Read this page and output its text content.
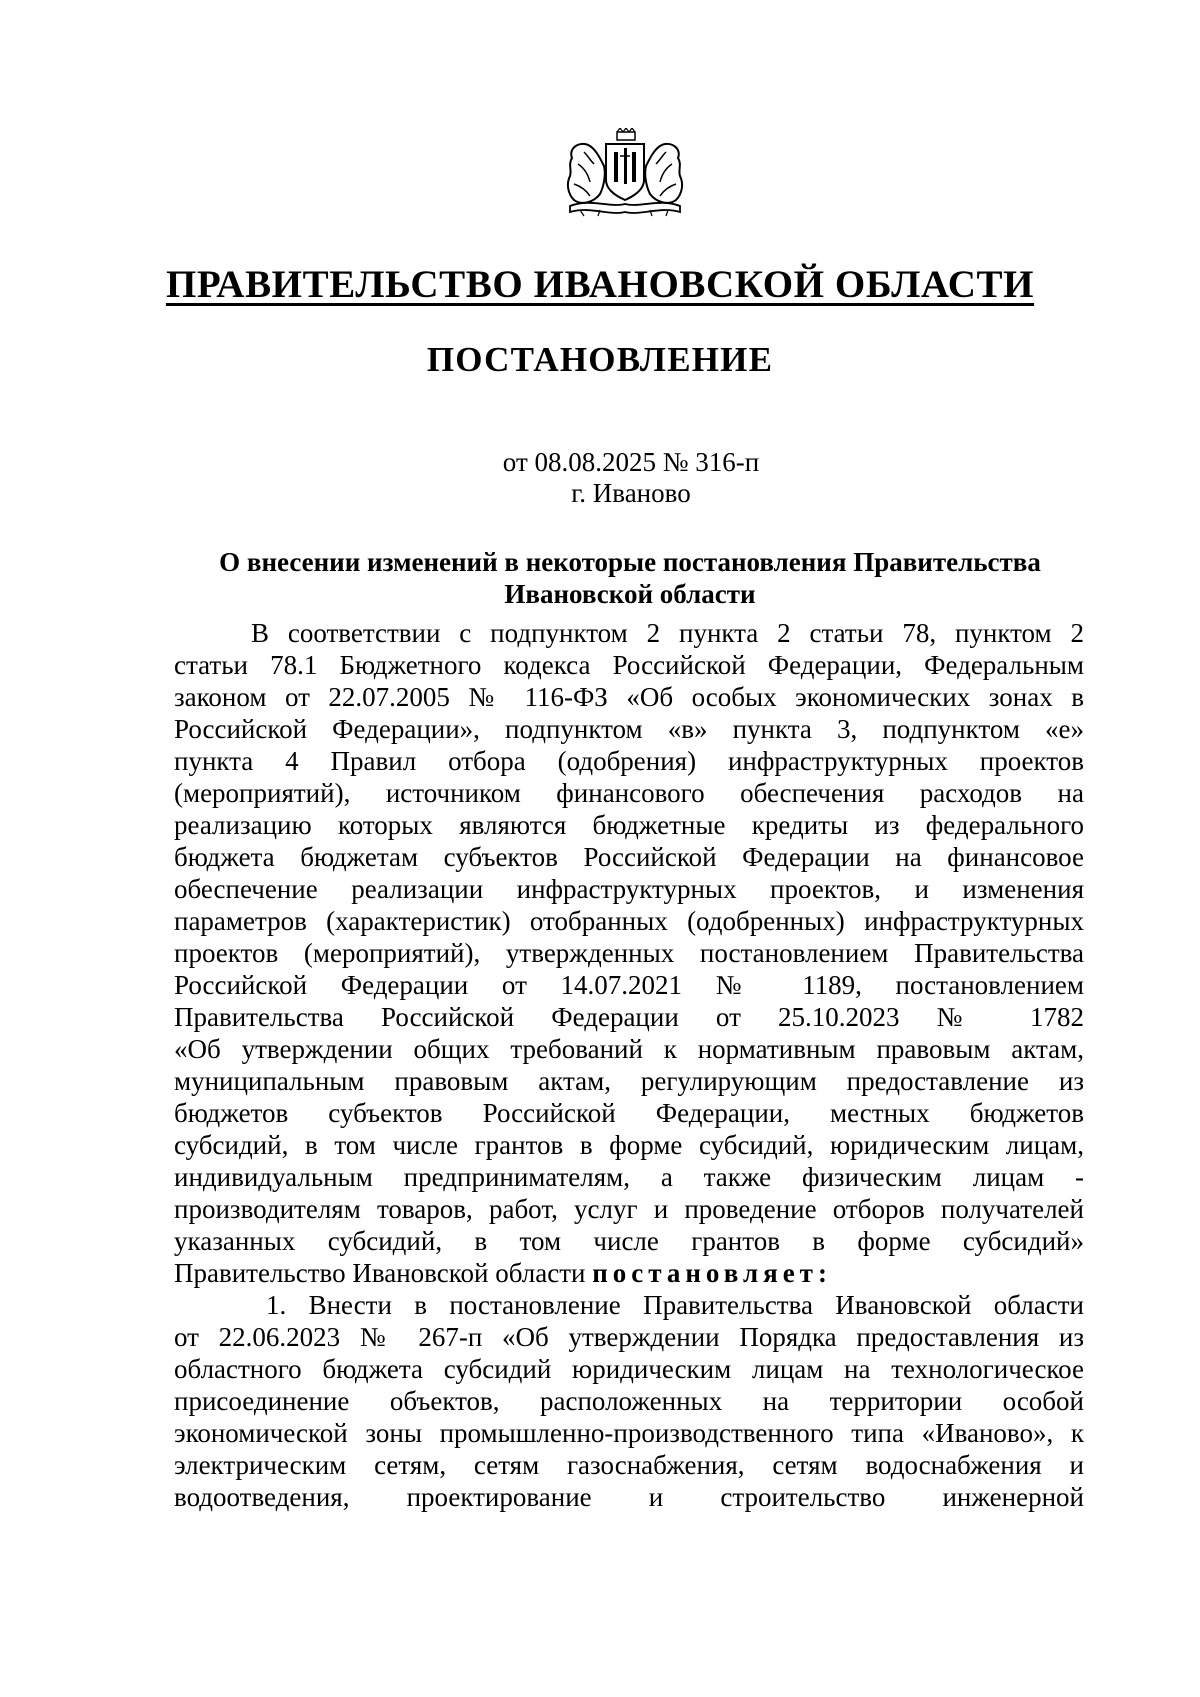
ПРАВИТЕЛЬСТВО ИВАНОВСКОЙ ОБЛАСТИ
ПОСТАНОВЛЕНИЕ

от 08.08.2025 № 316-п

г. Иваново

О внесении изменений в некоторые постановления Правительства
Ивановской области
В соответствии с подпунктом 2 пункта 2 статьи 78, пунктом 2
статьи 78.1 Бюджетного кодекса Российской Федерации, Федеральным
законом от 22.07.2005 № 116-ФЗ «Об особых экономических зонах в
Российской Федерации», подпунктом «в» пункта 3, подпунктом «е»
пункта 4 Правил отбора (одобрения) инфраструктурных проектов
(мероприятий), источником финансового обеспечения расходов на
реализацию которых являются бюджетные кредиты из федерального
бюджета бюджетам субъектов Российской Федерации на финансовое
обеспечение реализации инфраструктурных проектов, и изменения
параметров (характеристик) отобранных (одобренных) инфраструктурных
проектов (мероприятий), утвержденных постановлением Правительства
Российской Федерации от 14.07.2021 № 1189, постановлением
Правительства Российской Федерации от 25.10.2023 № 1782
«Об утверждении общих требований к нормативным правовым актам,
муниципальным правовым актам, регулирующим предоставление из
бюджетов субъектов Российской Федерации, местных бюджетов
субсидий, в том числе грантов в форме субсидий, юридическим лицам,
индивидуальным предпринимателям, а также физическим лицам -
производителям товаров, работ, услуг и проведение отборов получателей
указанных субсидий, в том числе грантов в форме субсидий»
Правительство Ивановской области постановляет:
1. Внести в постановление Правительства Ивановской области
от 22.06.2023 № 267-п «Об утверждении Порядка предоставления из
областного бюджета субсидий юридическим лицам на технологическое
присоединение объектов, расположенных на территории особой
экономической зоны промышленно-производственного типа «Иваново», к
электрическим сетям, сетям газоснабжения, сетям водоснабжения и
водоотведения, проектирование и строительство инженерной
